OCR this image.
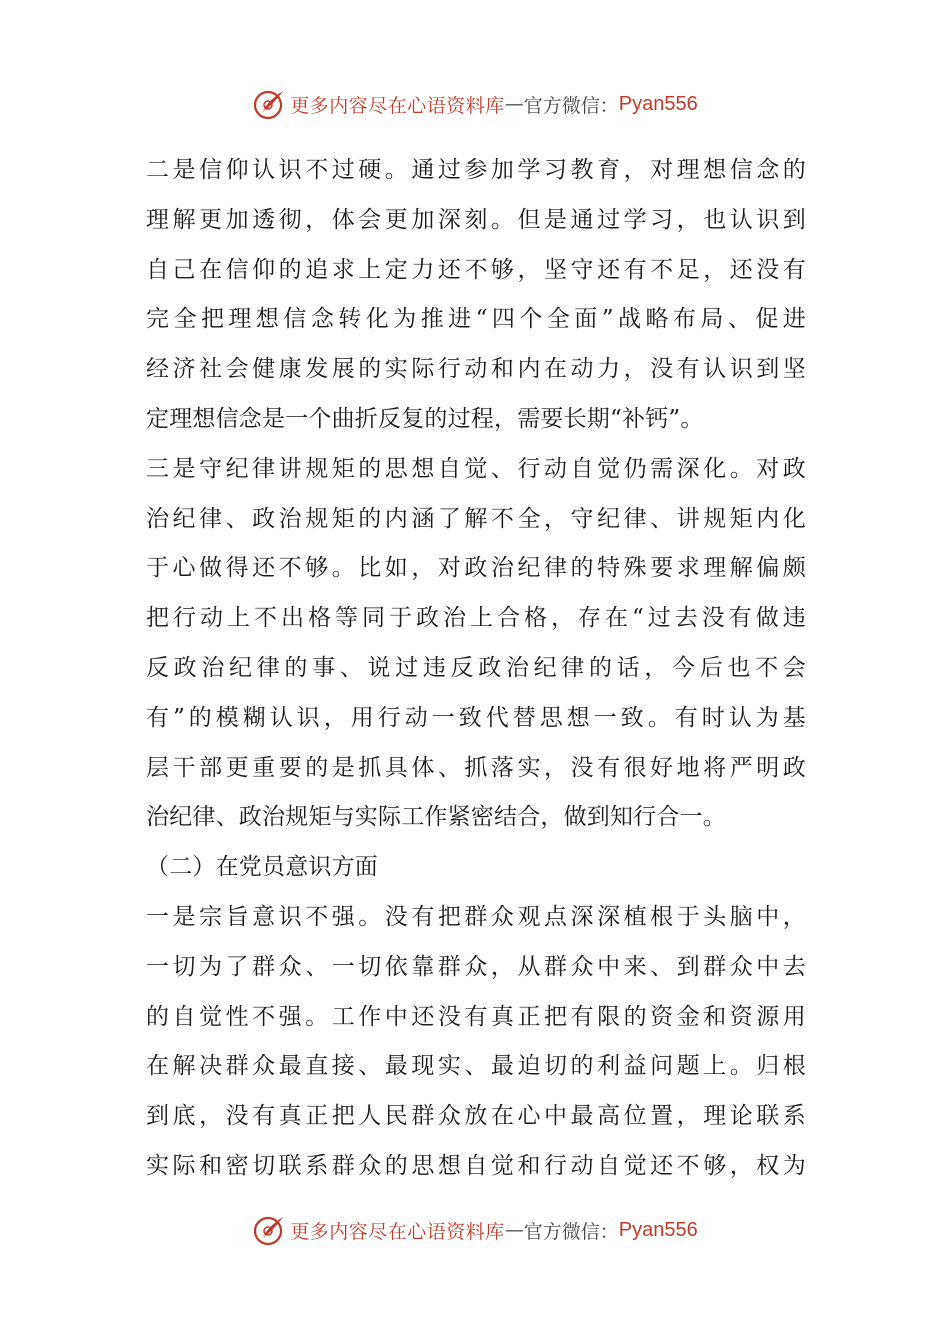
更多内容尽在心语资料库 — 官方微信： Pyan556
二是信仰认识不过硬。通过参加学习教育，对理想信念的
理解更加透彻，体会更加深刻。但是通过学习，也认识到
自己在信仰的追求上定力还不够，坚守还有不足，还没有
完全把理想信念转化为推进“四个全面”战略布局、促进
经济社会健康发展的实际行动和内在动力，没有认识到坚
定理想信念是一个曲折反复的过程，需要长期“补钙”。
三是守纪律讲规矩的思想自觉、行动自觉仍需深化。对政
治纪律、政治规矩的内涵了解不全，守纪律、讲规矩内化
于心做得还不够。比如，对政治纪律的特殊要求理解偏颇
把行动上不出格等同于政治上合格，存在“过去没有做违
反政治纪律的事、说过违反政治纪律的话，今后也不会
有”的模糊认识，用行动一致代替思想一致。有时认为基
层干部更重要的是抓具体、抓落实，没有很好地将严明政
治纪律、政治规矩与实际工作紧密结合，做到知行合一。
（二）在党员意识方面
一是宗旨意识不强。没有把群众观点深深植根于头脑中，
一切为了群众、一切依靠群众，从群众中来、到群众中去
的自觉性不强。工作中还没有真正把有限的资金和资源用
在解决群众最直接、最现实、最迫切的利益问题上。归根
到底，没有真正把人民群众放在心中最高位置，理论联系
实际和密切联系群众的思想自觉和行动自觉还不够，权为
更多内容尽在心语资料库 — 官方微信： Pyan556
